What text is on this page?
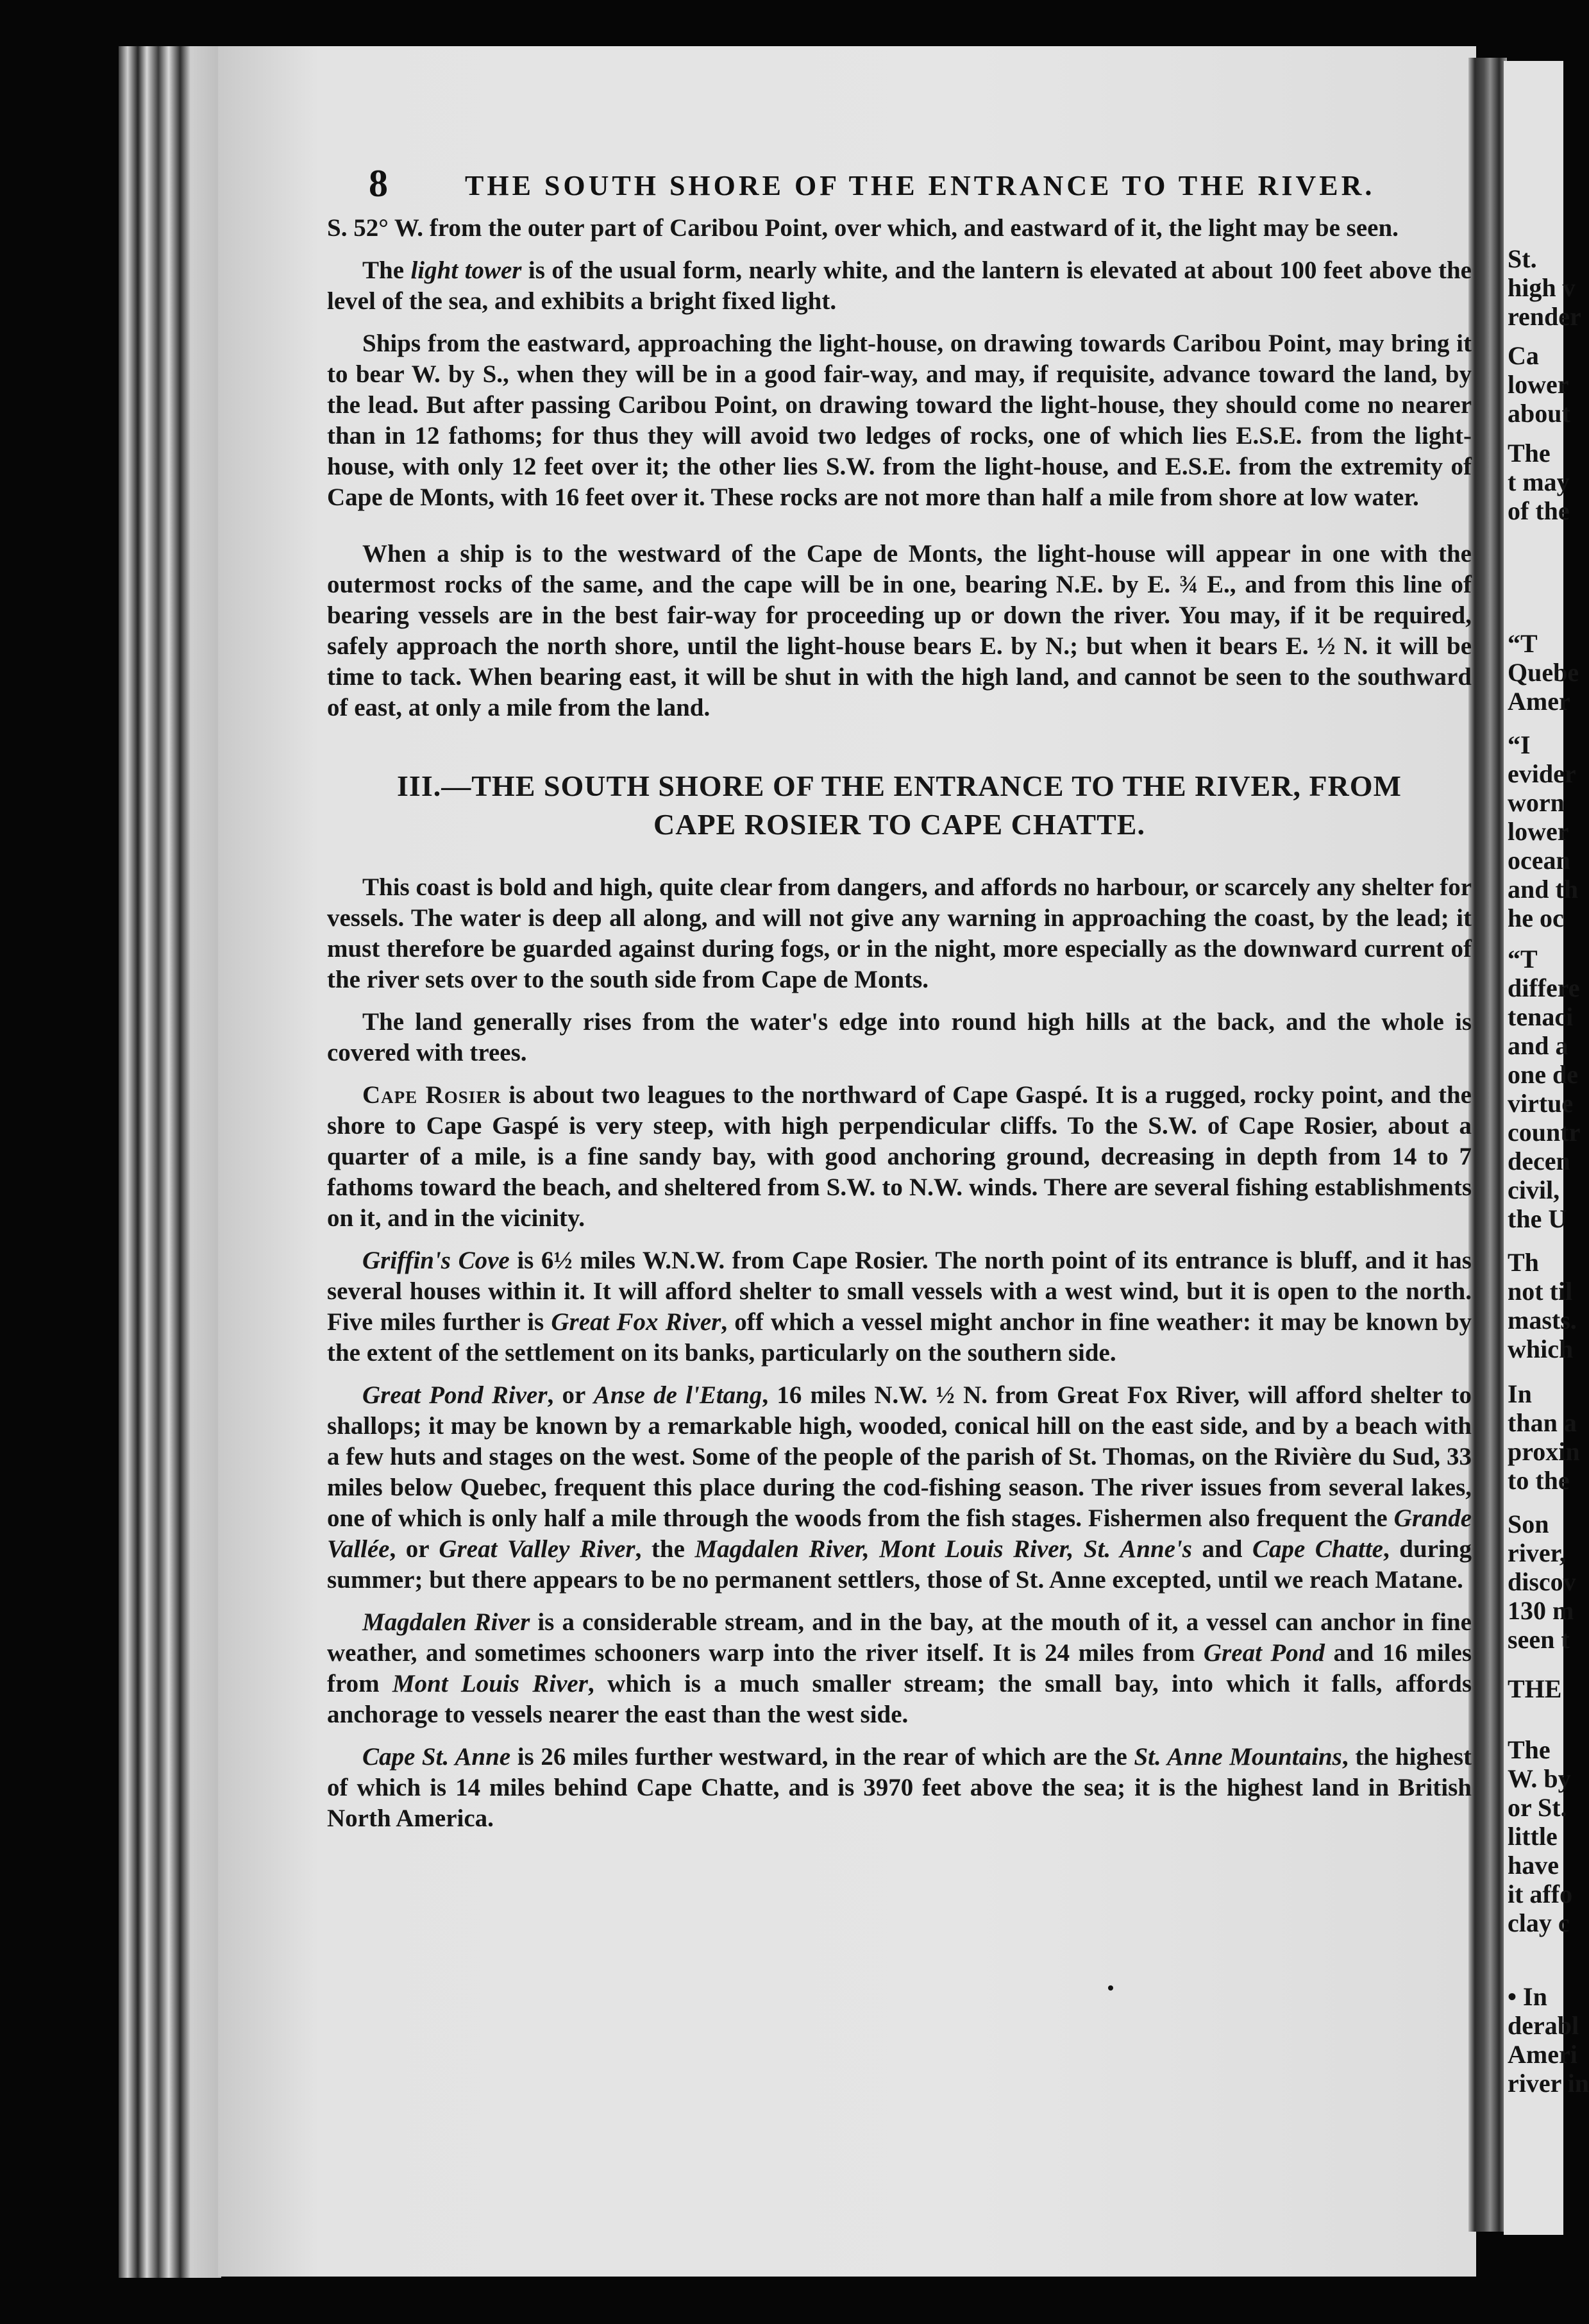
St.
high v
render
Ca
lower
about
The
t may
of the
“T
Quebe
Amer
“I
evider
worn
lower
ocean
and th
he oc
“T
differe
tenaci
and a
one de
virtue
countr
decen
civil,
the U
Th
not til
masts.
which
In
than a
proxin
to the
Son
river,
discov
130 m
seen t
THE
The
W. by
or St.
little
have
it affo
clay c
• In
derabl
Ameri
river in
8	THE SOUTH SHORE OF THE ENTRANCE TO THE RIVER.

S. 52° W. from the outer part of Caribou Point, over which, and eastward of it, the light may be seen.

The light tower is of the usual form, nearly white, and the lantern is elevated at about 100 feet above the level of the sea, and exhibits a bright fixed light.

Ships from the eastward, approaching the light-house, on drawing towards Caribou Point, may bring it to bear W. by S., when they will be in a good fair-way, and may, if requisite, advance toward the land, by the lead. But after passing Caribou Point, on drawing toward the light-house, they should come no nearer than in 12 fathoms; for thus they will avoid two ledges of rocks, one of which lies E.S.E. from the light-house, with only 12 feet over it; the other lies S.W. from the light-house, and E.S.E. from the extremity of Cape de Monts, with 16 feet over it. These rocks are not more than half a mile from shore at low water.

When a ship is to the westward of the Cape de Monts, the light-house will appear in one with the outermost rocks of the same, and the cape will be in one, bearing N.E. by E. ¾ E., and from this line of bearing vessels are in the best fair-way for proceeding up or down the river. You may, if it be required, safely approach the north shore, until the light-house bears E. by N.; but when it bears E. ½ N. it will be time to tack. When bearing east, it will be shut in with the high land, and cannot be seen to the southward of east, at only a mile from the land.

III.—THE SOUTH SHORE OF THE ENTRANCE TO THE RIVER, FROM
CAPE ROSIER TO CAPE CHATTE.

This coast is bold and high, quite clear from dangers, and affords no harbour, or scarcely any shelter for vessels. The water is deep all along, and will not give any warning in approaching the coast, by the lead; it must therefore be guarded against during fogs, or in the night, more especially as the downward current of the river sets over to the south side from Cape de Monts.

The land generally rises from the water's edge into round high hills at the back, and the whole is covered with trees.

Cape Rosier is about two leagues to the northward of Cape Gaspé. It is a rugged, rocky point, and the shore to Cape Gaspé is very steep, with high perpendicular cliffs. To the S.W. of Cape Rosier, about a quarter of a mile, is a fine sandy bay, with good anchoring ground, decreasing in depth from 14 to 7 fathoms toward the beach, and sheltered from S.W. to N.W. winds. There are several fishing establishments on it, and in the vicinity.

Griffin's Cove is 6½ miles W.N.W. from Cape Rosier. The north point of its entrance is bluff, and it has several houses within it. It will afford shelter to small vessels with a west wind, but it is open to the north. Five miles further is Great Fox River, off which a vessel might anchor in fine weather: it may be known by the extent of the settlement on its banks, particularly on the southern side.

Great Pond River, or Anse de l'Etang, 16 miles N.W. ½ N. from Great Fox River, will afford shelter to shallops; it may be known by a remarkable high, wooded, conical hill on the east side, and by a beach with a few huts and stages on the west. Some of the people of the parish of St. Thomas, on the Rivière du Sud, 33 miles below Quebec, frequent this place during the cod-fishing season. The river issues from several lakes, one of which is only half a mile through the woods from the fish stages. Fishermen also frequent the Grande Vallée, or Great Valley River, the Magdalen River, Mont Louis River, St. Anne's and Cape Chatte, during summer; but there appears to be no permanent settlers, those of St. Anne excepted, until we reach Matane.

Magdalen River is a considerable stream, and in the bay, at the mouth of it, a vessel can anchor in fine weather, and sometimes schooners warp into the river itself. It is 24 miles from Great Pond and 16 miles from Mont Louis River, which is a much smaller stream; the small bay, into which it falls, affords anchorage to vessels nearer the east than the west side.

Cape St. Anne is 26 miles further westward, in the rear of which are the St. Anne Mountains, the highest of which is 14 miles behind Cape Chatte, and is 3970 feet above the sea; it is the highest land in British North America.
